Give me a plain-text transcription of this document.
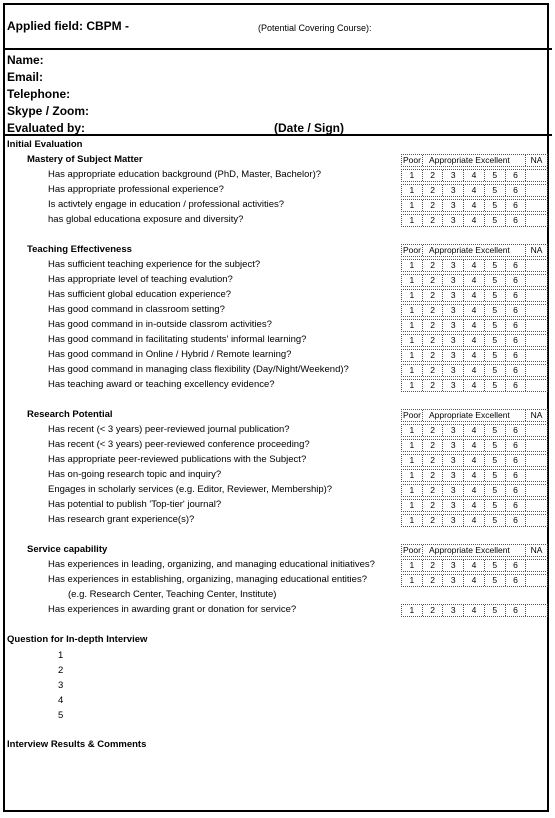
Applied field: CBPM -	(Potential Covering Course):
Name:
Email:
Telephone:
Skype / Zoom:
Evaluated by:	(Date / Sign)
Initial Evaluation
Mastery of Subject Matter	Poor Appropriate Excellent	NA
Has appropriate education background (PhD, Master, Bachelor)?	1	2	3	4	5	6
Has appropriate professional experience?	1	2	3	4	5	6
Is activtely engage in education / professional activities?	1	2	3	4	5	6
has global educationa exposure and diversity?	1	2	3	4	5	6
Teaching Effectiveness	Poor Appropriate Excellent	NA
Has sufficient teaching experience for the subject?	1	2	3	4	5	6
Has appropriate level of teaching evalution?	1	2	3	4	5	6
Has sufficient global education experience?	1	2	3	4	5	6
Has good command in classroom setting?	1	2	3	4	5	6
Has good command in in-outside classrom activities?	1	2	3	4	5	6
Has good command in facilitating students' informal learning?	1	2	3	4	5	6
Has good command in Online / Hybrid / Remote learning?	1	2	3	4	5	6
Has good command in managing class flexibility (Day/Night/Weekend)?	1	2	3	4	5	6
Has teaching award or teaching excellency evidence?	1	2	3	4	5	6
Research Potential	Poor Appropriate Excellent	NA
Has recent (< 3 years) peer-reviewed journal publication?	1	2	3	4	5	6
Has recent (< 3 years) peer-reviewed conference proceeding?	1	2	3	4	5	6
Has appropriate peer-reviewed publications with the Subject?	1	2	3	4	5	6
Has on-going research topic and inquiry?	1	2	3	4	5	6
Engages in scholarly services (e.g. Editor, Reviewer, Membership)?	1	2	3	4	5	6
Has potential to publish 'Top-tier' journal?	1	2	3	4	5	6
Has research grant experience(s)?	1	2	3	4	5	6
Service capability	Poor Appropriate Excellent	NA
Has experiences in leading, organizing, and managing educational initiatives?	1	2	3	4	5	6
Has experiences in establishing, organizing, managing educational entities?	1	2	3	4	5	6
(e.g. Research Center, Teaching Center, Institute)
Has experiences in awarding grant or donation for service?	1	2	3	4	5	6
Question for In-depth Interview
1
2
3
4
5
Interview Results & Comments
